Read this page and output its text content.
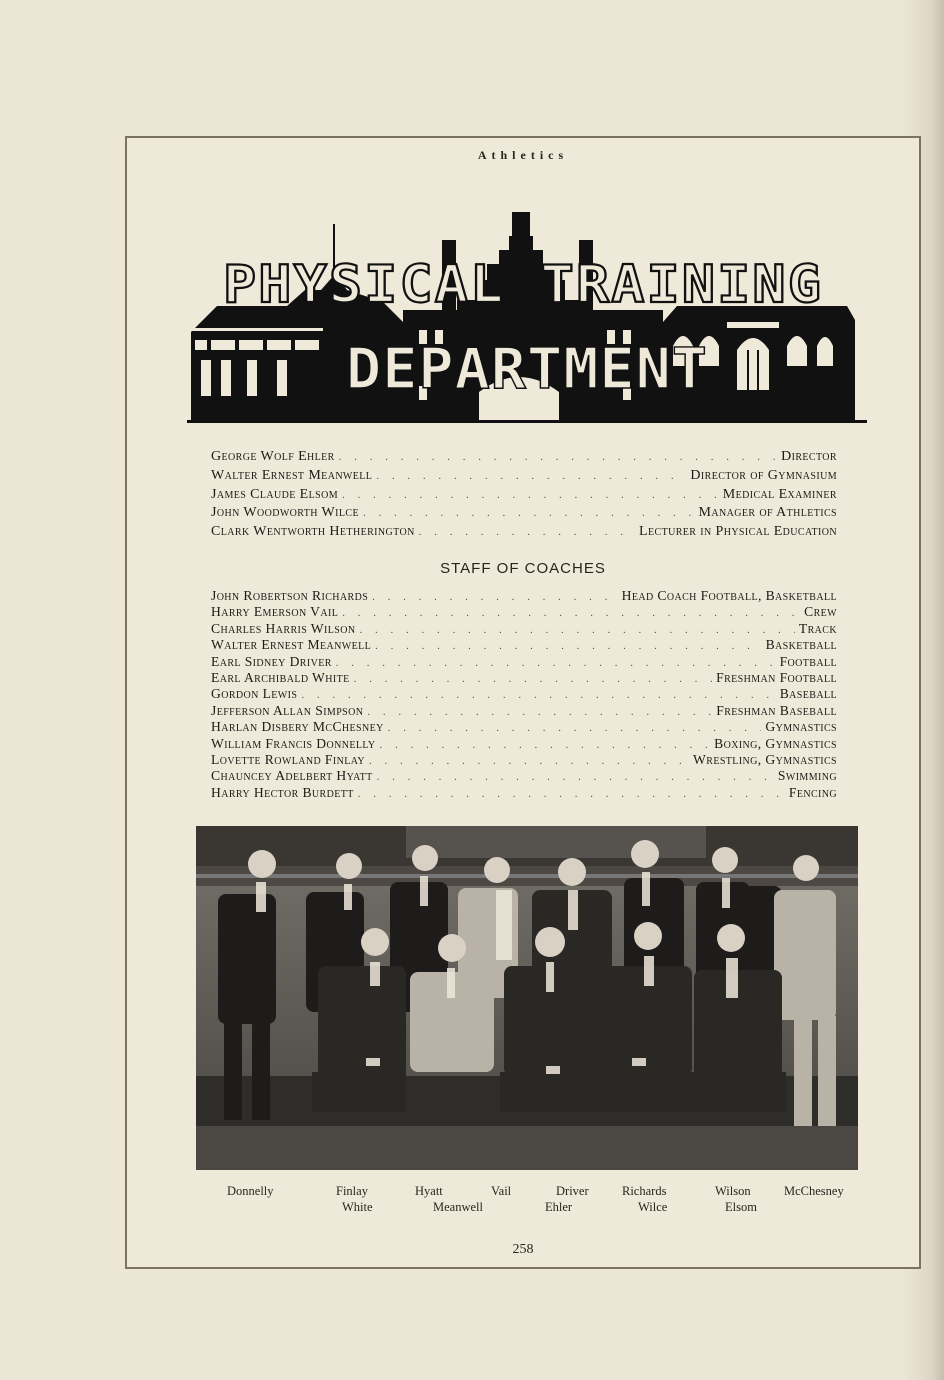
Athletics
PHYSICAL TRAINING
DEPARTMENT
P.AKHAUSS '13
George Wolf Ehler . . .	Director
Walter Ernest Meanwell . . .	Director of Gymnasium
James Claude Elsom . . .	Medical Examiner
John Woodworth Wilce . . .	Manager of Athletics
Clark Wentworth Hetherington . . .	Lecturer in Physical Education
STAFF OF COACHES
John Robertson Richards . . .	Head Coach Football, Basketball
Harry Emerson Vail . . .	Crew
Charles Harris Wilson . . .	Track
Walter Ernest Meanwell . . .	Basketball
Earl Sidney Driver . . .	Football
Earl Archibald White . . .	Freshman Football
Gordon Lewis . . .	Baseball
Jefferson Allan Simpson . . .	Freshman Baseball
Harlan Disbery McChesney . . .	Gymnastics
William Francis Donnelly . . .	Boxing, Gymnastics
Lovette Rowland Finlay . . .	Wrestling, Gymnastics
Chauncey Adelbert Hyatt . . .	Swimming
Harry Hector Burdett . . .	Fencing
Donnelly	Finlay	Hyatt	Vail	Driver	Richards	Wilson	McChesney
White	Meanwell	Ehler	Wilce	Elsom
258
